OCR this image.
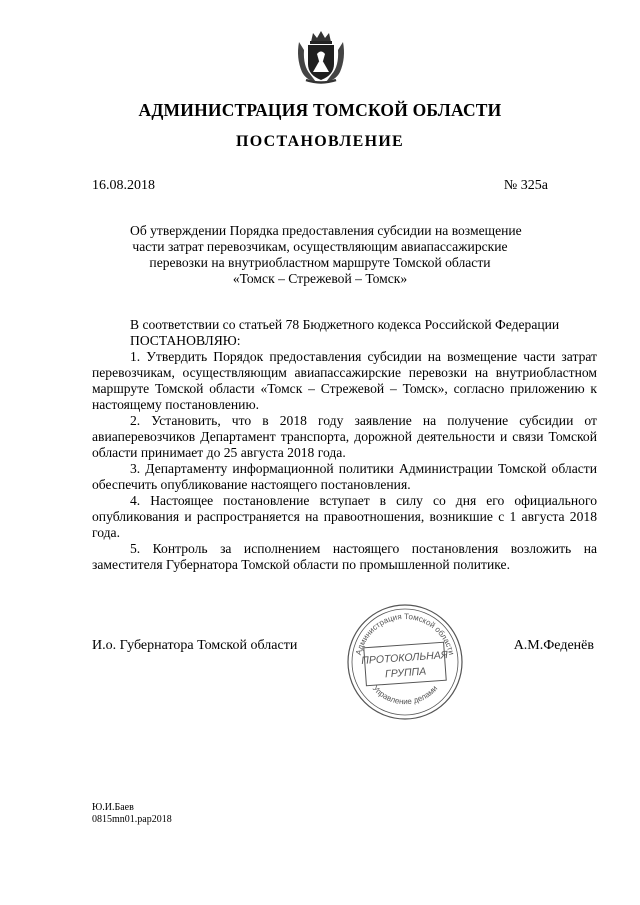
АДМИНИСТРАЦИЯ ТОМСКОЙ ОБЛАСТИ
ПОСТАНОВЛЕНИЕ
16.08.2018	№ 325а
Об утверждении Порядка предоставления субсидии на возмещение
части затрат перевозчикам, осуществляющим авиапассажирские
перевозки на внутриобластном маршруте Томской области
«Томск – Стрежевой – Томск»

В соответствии со статьей 78 Бюджетного кодекса Российской Федерации

ПОСТАНОВЛЯЮ:

1. Утвердить Порядок предоставления субсидии на возмещение части затрат перевозчикам, осуществляющим авиапассажирские перевозки на внутриобластном маршруте Томской области «Томск – Стрежевой – Томск», согласно приложению к настоящему постановлению.

2. Установить, что в 2018 году заявление на получение субсидии от авиаперевозчиков Департамент транспорта, дорожной деятельности и связи Томской области принимает до 25 августа 2018 года.

3. Департаменту информационной политики Администрации Томской области обеспечить опубликование настоящего постановления.

4. Настоящее постановление вступает в силу со дня его официального опубликования и распространяется на правоотношения, возникшие с 1 августа 2018 года.

5. Контроль за исполнением настоящего постановления возложить на заместителя Губернатора Томской области по промышленной политике.

И.о. Губернатора Томской области	А.М.Феденёв
Администрация Томской области
Управление делами
ПРОТОКОЛЬНАЯ
ГРУППА
Ю.И.Баев
0815mn01.pap2018
